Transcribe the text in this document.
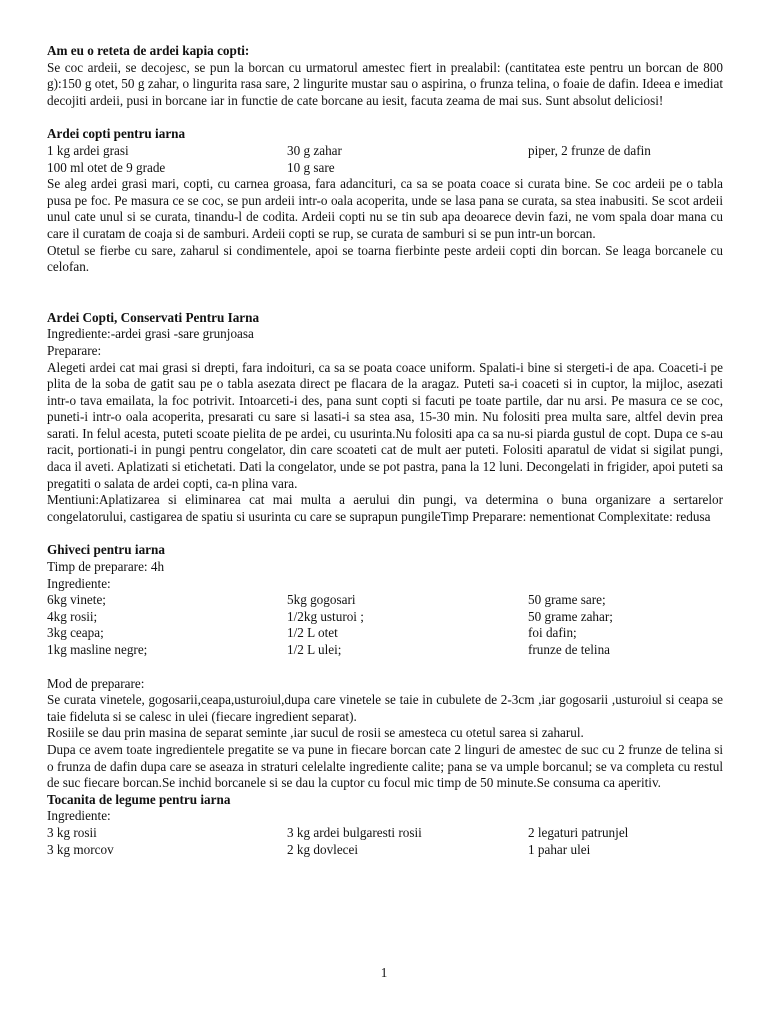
Am eu o reteta de ardei kapia copti:

Se coc ardeii, se decojesc, se pun la borcan cu urmatorul amestec fiert in prealabil: (cantitatea este pentru un borcan de 800 g):150 g otet, 50 g zahar, o lingurita rasa sare, 2 lingurite mustar sau o aspirina, o frunza telina, o foaie de dafin. Ideea e imediat decojiti ardeii, pusi in borcane iar in functie de cate borcane au iesit, facuta zeama de mai sus. Sunt absolut deliciosi!

Ardei copti pentru iarna
1 kg ardei grasi	30 g zahar	piper, 2 frunze de dafin
100 ml otet de 9 grade	10 g sare

Se aleg ardei grasi mari, copti, cu carnea groasa, fara adancituri, ca sa se poata coace si curata bine. Se coc ardeii pe o tabla pusa pe foc. Pe masura ce se coc, se pun ardeii intr-o oala acoperita, unde se lasa pana se curata, sa stea inabusiti. Se scot ardeii unul cate unul si se curata, tinandu-l de codita. Ardeii copti nu se tin sub apa deoarece devin fazi, ne vom spala doar mana cu care il curatam de coaja si de samburi. Ardeii copti se rup, se curata de samburi si se pun intr-un borcan.

Otetul se fierbe cu sare, zaharul si condimentele, apoi se toarna fierbinte peste ardeii copti din borcan. Se leaga borcanele cu celofan.

Ardei Copti, Conservati Pentru Iarna

Ingrediente:-ardei grasi -sare grunjoasa

Preparare:

Alegeti ardei cat mai grasi si drepti, fara indoituri, ca sa se poata coace uniform. Spalati-i bine si stergeti-i de apa. Coaceti-i pe plita de la soba de gatit sau pe o tabla asezata direct pe flacara de la aragaz. Puteti sa-i coaceti si in cuptor, la mijloc, asezati intr-o tava emailata, la foc potrivit. Intoarceti-i des, pana sunt copti si facuti pe toate partile, dar nu arsi. Pe masura ce se coc, puneti-i intr-o oala acoperita, presarati cu sare si lasati-i sa stea asa, 15-30 min. Nu folositi prea multa sare, altfel devin prea sarati. In felul acesta, puteti scoate pielita de pe ardei, cu usurinta.Nu folositi apa ca sa nu-si piarda gustul de copt. Dupa ce s-au racit, portionati-i in pungi pentru congelator, din care scoateti cat de mult aer puteti. Folositi aparatul de vidat si sigilat pungi, daca il aveti. Aplatizati si etichetati. Dati la congelator, unde se pot pastra, pana la 12 luni. Decongelati in frigider, apoi puteti sa pregatiti o salata de ardei copti, ca-n plina vara.

Mentiuni:Aplatizarea si eliminarea cat mai multa a aerului din pungi, va determina o buna organizare a sertarelor congelatorului, castigarea de spatiu si usurinta cu care se suprapun pungileTimp Preparare: nementionat Complexitate: redusa

Ghiveci pentru iarna

Timp de preparare: 4h

Ingrediente:

6kg vinete;	5kg gogosari	50 grame sare;
4kg rosii;	1/2kg usturoi ;	50 grame zahar;
3kg ceapa;	1/2 L otet	foi dafin;
1kg masline negre;	1/2 L ulei;	frunze de telina

Mod de preparare:

Se curata vinetele, gogosarii,ceapa,usturoiul,dupa care vinetele se taie in cubulete de 2-3cm ,iar gogosarii ,usturoiul si ceapa se taie fideluta si se calesc in ulei (fiecare ingredient separat).

Rosiile se dau prin masina de separat seminte ,iar sucul de rosii se amesteca cu otetul sarea si zaharul.

Dupa ce avem toate ingredientele pregatite se va pune in fiecare borcan cate 2 linguri de amestec de suc cu 2 frunze de telina si o frunza de dafin dupa care se aseaza in straturi celelalte ingrediente calite; pana se va umple borcanul; se va completa cu restul de suc fiecare borcan.Se inchid borcanele si se dau la cuptor cu focul mic timp de 50 minute.Se consuma ca aperitiv.

Tocanita de legume pentru iarna

Ingrediente:

3 kg rosii	3 kg ardei bulgaresti rosii	2 legaturi patrunjel
3 kg morcov	2 kg dovlecei	1 pahar ulei
1
